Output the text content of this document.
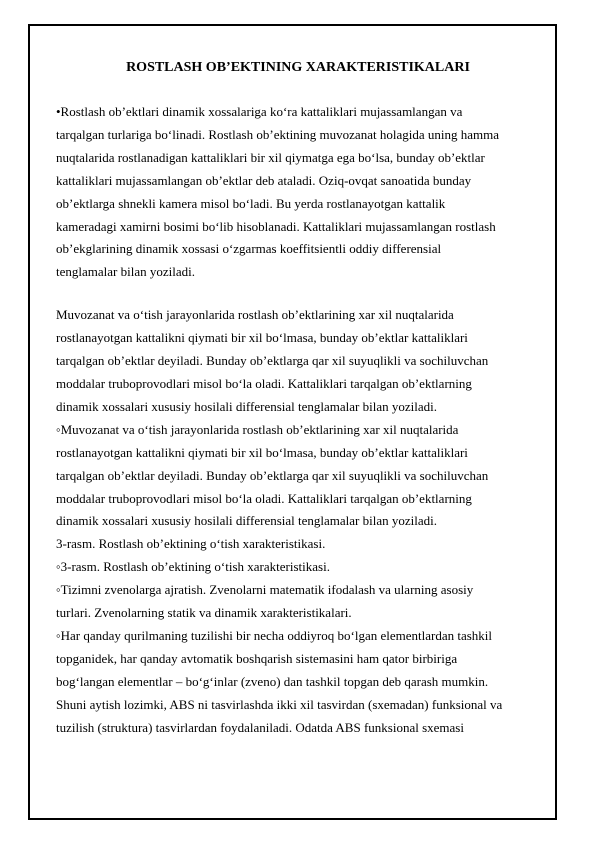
ROSTLASH OB’EKTINING XARAKTERISTIKALARI

•Rostlash ob’ektlari dinamik xossalariga ko‘ra kattaliklari mujassamlangan va

tarqalgan turlariga bo‘linadi. Rostlash ob’ektining muvozanat holagida uning hamma

nuqtalarida rostlanadigan kattaliklari bir xil qiymatga ega bo‘lsa, bunday ob’ektlar

kattaliklari mujassamlangan ob’ektlar deb ataladi. Oziq-ovqat sanoatida bunday

ob’ektlarga shnekli kamera misol bo‘ladi. Bu yerda rostlanayotgan kattalik

kameradagi xamirni bosimi bo‘lib hisoblanadi. Kattaliklari mujassamlangan rostlash

ob’ekglarining dinamik xossasi o‘zgarmas koeffitsientli oddiy differensial

tenglamalar bilan yoziladi.

Muvozanat va o‘tish jarayonlarida rostlash ob’ektlarining xar xil nuqtalarida

rostlanayotgan kattalikni qiymati bir xil bo‘lmasa, bunday ob’ektlar kattaliklari

tarqalgan ob’ektlar deyiladi. Bunday ob’ektlarga qar xil suyuqlikli va sochiluvchan

moddalar truboprovodlari misol bo‘la oladi. Kattaliklari tarqalgan ob’ektlarning

dinamik xossalari xususiy hosilali differensial tenglamalar bilan yoziladi.

◦Muvozanat va o‘tish jarayonlarida rostlash ob’ektlarining xar xil nuqtalarida

rostlanayotgan kattalikni qiymati bir xil bo‘lmasa, bunday ob’ektlar kattaliklari

tarqalgan ob’ektlar deyiladi. Bunday ob’ektlarga qar xil suyuqlikli va sochiluvchan

moddalar truboprovodlari misol bo‘la oladi. Kattaliklari tarqalgan ob’ektlarning

dinamik xossalari xususiy hosilali differensial tenglamalar bilan yoziladi.

3-rasm. Rostlash ob’ektining o‘tish xarakteristikasi.

◦3-rasm. Rostlash ob’ektining o‘tish xarakteristikasi.

◦Tizimni zvenolarga ajratish. Zvenolarni matematik ifodalash va ularning asosiy

turlari. Zvenolarning statik va dinamik xarakteristikalari.

◦Har qanday qurilmaning tuzilishi bir necha oddiyroq bo‘lgan elementlardan tashkil

topganidek, har qanday avtomatik boshqarish sistemasini ham qator birbiriga

bog‘langan elementlar – bo‘g‘inlar (zveno) dan tashkil topgan deb qarash mumkin.

Shuni aytish lozimki, ABS ni tasvirlashda ikki xil tasvirdan (sxemadan) funksional va

tuzilish (struktura) tasvirlardan foydalaniladi. Odatda ABS funksional sxemasi
